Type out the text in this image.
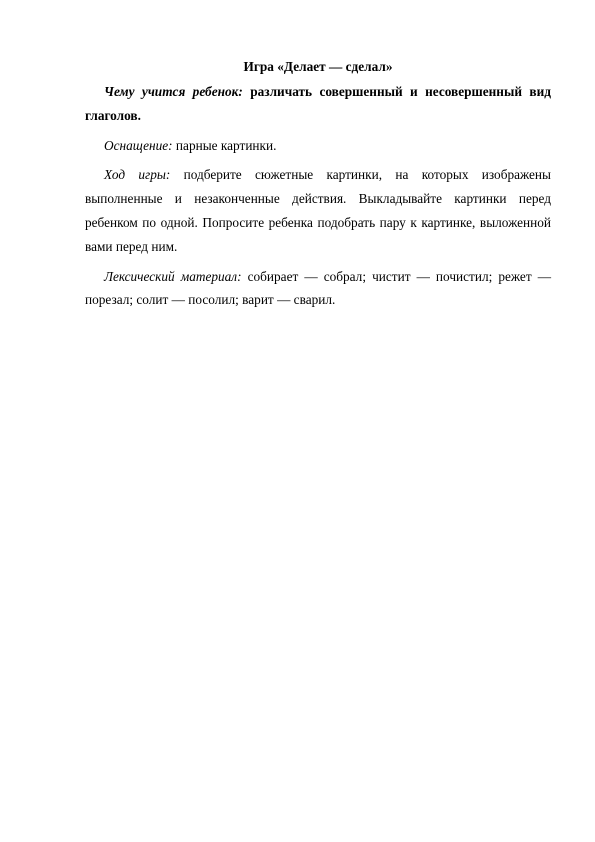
Игра «Делает — сделал»

Чему учится ребенок: различать совершенный и несовершенный вид глаголов.

Оснащение: парные картинки.

Ход игры: подберите сюжетные картинки, на которых изображены выполненные и незаконченные действия. Выкладывайте картинки перед ребенком по одной. Попросите ребенка подобрать пару к картинке, выложенной вами перед ним.

Лексический материал: собирает — собрал; чистит — почистил; режет — порезал; солит — посолил; варит — сварил.
